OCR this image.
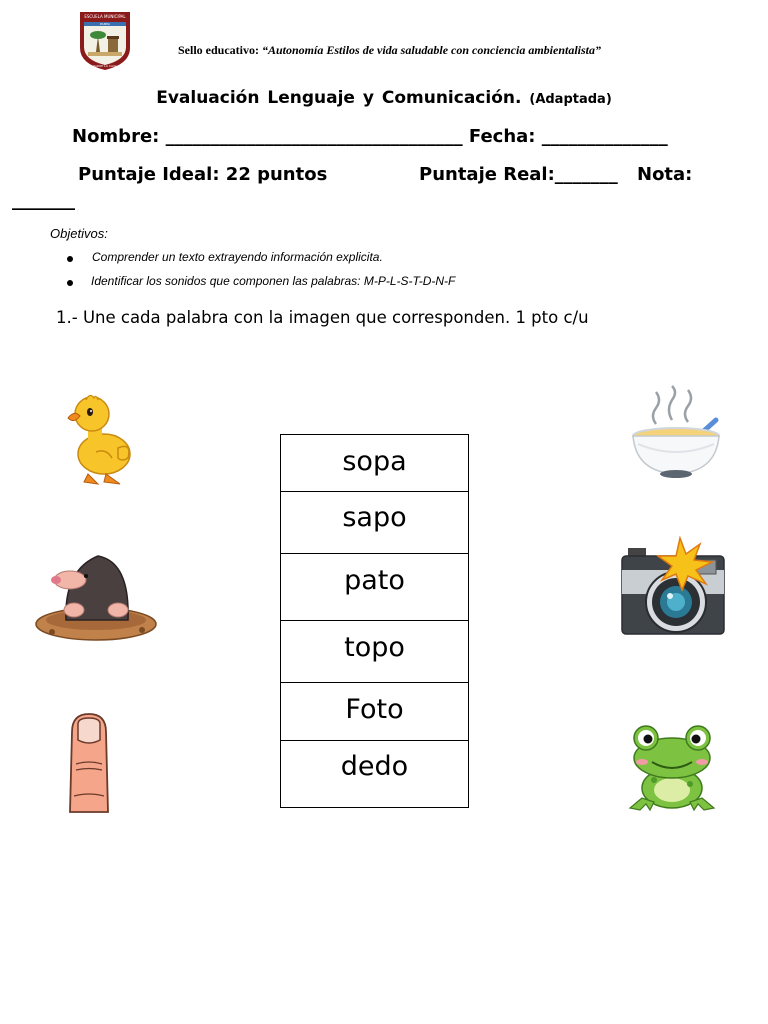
ESCUELA MUNICIPAL
PAMPA
PADRE LA CAVA
Sello educativo: “Autonomía Estilos de vida saludable con conciencia ambientalista”
Evaluación Lenguaje y Comunicación. (Adaptada)
Nombre: _________________________________ Fecha: ______________
Puntaje Ideal: 22 puntos	Puntaje Real:_______ Nota:
_______
Objetivos:
Comprender un texto extrayendo información explicita.
Identificar los sonidos que componen las palabras: M-P-L-S-T-D-N-F
1.- Une cada palabra con la imagen que corresponden. 1 pto c/u
sopa
sapo
pato
topo
Foto
dedo
